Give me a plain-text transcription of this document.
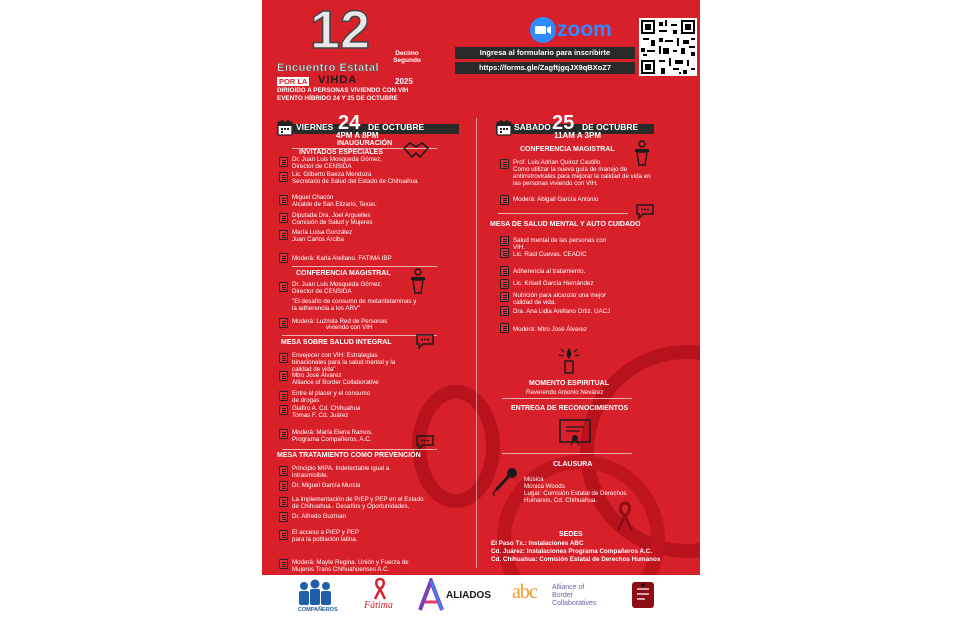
12	Decimo Segundo
Encuentro Estatal
POR LA VIHDA	2025
DIRIGIDO A PERSONAS VIVIENDO CON VIH
EVENTO HÍBRIDO 24 Y 25 DE OCTUBRE
zoom
Ingresa al formulario para inscribirte
https://forms.gle/ZagftjgqJX9qBXoZ7
VIERNES 24 DE OCTUBRE
4PM A 8PM
INAUGURACIÓN
INVITADOS ESPECIALES
Dr. Juan Luis Mosqueda Gómez.
Director de CENSIDA
Lic. Gilberto Baeza Mendoza
Secretario de Salud del Estado de Chihuahua
Miguel Chacón
Alcalde de San Elizario, Texas.
Diputada Dra. Joel Arguelles
Comisión de Salud y Mujeres
María Luisa González
Juan Carlos Arciba
Moderá: Karla Arellano. FATIMA IBP
CONFERENCIA MAGISTRAL
Dr. Juan Luis Mosqueda Gómez.
Director de CENSIDA
"El desafío de consumo de metanfetaminas y
la adherencia a los ARV"
Moderá: Luzmila Red de Personas
viviendo con VIH
MESA SOBRE SALUD INTEGRAL
Envejecer con VIH: Estrategias
binacionales para la salud mental y la
calidad de vida"
Mtro José Álvarez
Alliance of Border Collaborative
Entre el placer y el consumo
de drogas
Glafiro A. Cd. Chihuahua
Tomas F. Cd. Juárez
Moderá: María Elena Ramos.
Programa Compañeros, A.C.
MESA TRATAMIENTO COMO PREVENCIÓN
Principio MIPA. Indetectable igual a
intrasmisible.
Dr. Miguel García Murcia
La implementación de PrEP y PEP en el Estado
de Chihuahua.- Desafíos y Oportunidades.
Dr. Alfredo Guzman
El acceso a PrEP y PEP
para la población latina.
Moderá: Mayte Regina. Unión y Fuerza de
Mujeres Trans Chihuahuenses A.C.
SABADO 25 DE OCTUBRE
11AM A 3PM
CONFERENCIA MAGISTRAL
Prof. Luis Adrian Quiroz Castillo
Como utilizar la nueva guía de manejo de
antirretrovirales para mejorar la calidad de vida en
las personas viviendo con VIH.
Moderá: Abigail García Antonio
MESA DE SALUD MENTAL Y AUTO CUIDADO
Salud mental de las personas con
VIH.
Lic. Raúl Cuevas. CEADIC
Adherencia al tratamiento.
Lic. Krisell García Hernández
Nutrición para alcanzar una mejor
calidad de vida.
Dra. Ana Lidia Arellano Ortiz. UACJ
Moderá: Mtro José Álvarez
MOMENTO ESPIRITUAL
Reverendo Antonio Nevárez
ENTREGA DE RECONOCIMIENTOS
CLAUSURA
Música
Mónica Woods
Lugar: Comisión Estatal de Derechos
Humanos. Cd. Chihuahua.
SEDES
El Paso Tx.: Instalaciones ABC
Cd. Juárez: Instalaciones Programa Compañeros A.C.
Cd. Chihuahua: Comisión Estatal de Derechos Humanos
COMPAÑEROS	Fátima
ALIADOS abc Alliance of
Border
Collaboratives
